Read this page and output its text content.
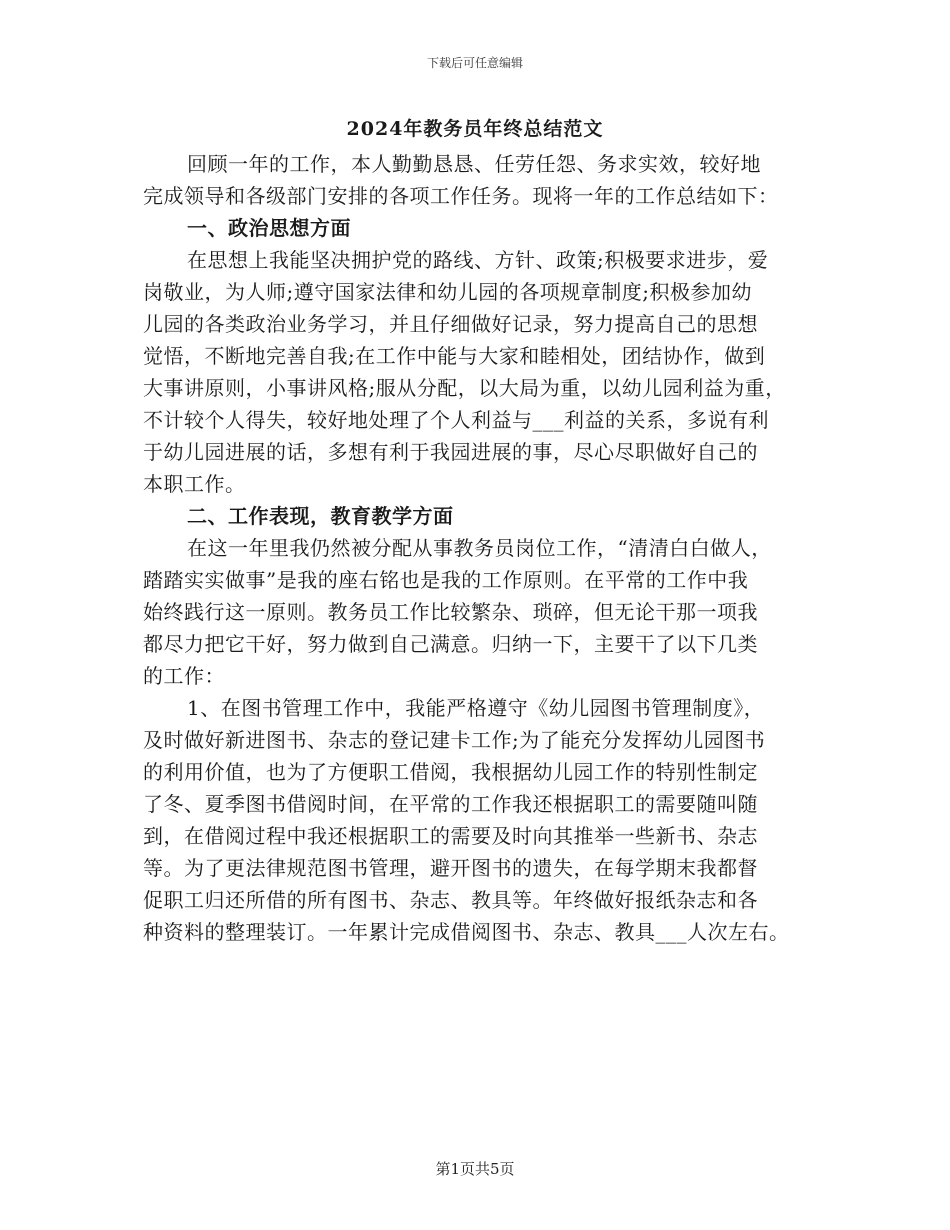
下载后可任意编辑
2024年教务员年终总结范文
回顾一年的工作，本人勤勤恳恳、任劳任怨、务求实效，较好地
完成领导和各级部门安排的各项工作任务。现将一年的工作总结如下：
一、政治思想方面
在思想上我能坚决拥护党的路线、方针、政策;积极要求进步，爱
岗敬业，为人师;遵守国家法律和幼儿园的各项规章制度;积极参加幼
儿园的各类政治业务学习，并且仔细做好记录，努力提高自己的思想
觉悟，不断地完善自我;在工作中能与大家和睦相处，团结协作，做到
大事讲原则，小事讲风格;服从分配，以大局为重，以幼儿园利益为重，
不计较个人得失，较好地处理了个人利益与___利益的关系，多说有利
于幼儿园进展的话，多想有利于我园进展的事，尽心尽职做好自己的
本职工作。
二、工作表现，教育教学方面
在这一年里我仍然被分配从事教务员岗位工作，“清清白白做人，
踏踏实实做事”是我的座右铭也是我的工作原则。在平常的工作中我
始终践行这一原则。教务员工作比较繁杂、琐碎，但无论干那一项我
都尽力把它干好，努力做到自己满意。归纳一下，主要干了以下几类
的工作：
1、在图书管理工作中，我能严格遵守《幼儿园图书管理制度》，
及时做好新进图书、杂志的登记建卡工作;为了能充分发挥幼儿园图书
的利用价值，也为了方便职工借阅，我根据幼儿园工作的特别性制定
了冬、夏季图书借阅时间，在平常的工作我还根据职工的需要随叫随
到，在借阅过程中我还根据职工的需要及时向其推举一些新书、杂志
等。为了更法律规范图书管理，避开图书的遗失，在每学期末我都督
促职工归还所借的所有图书、杂志、教具等。年终做好报纸杂志和各
种资料的整理装订。一年累计完成借阅图书、杂志、教具___人次左右。
第1页共5页
